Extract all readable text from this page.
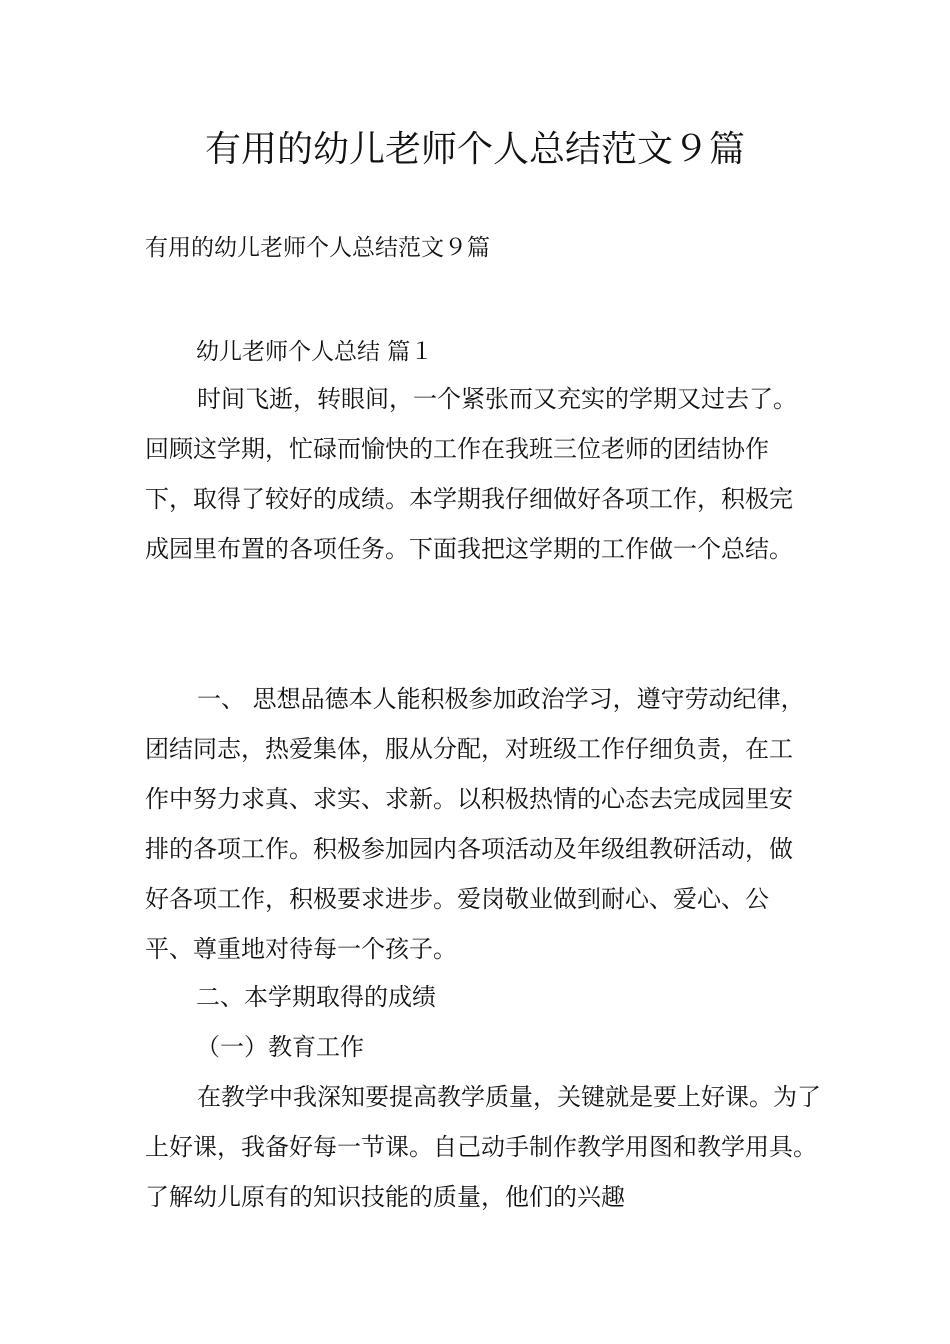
有用的幼儿老师个人总结范文９篇

有用的幼儿老师个人总结范文９篇

幼儿老师个人总结 篇１

时间飞逝，转眼间，一个紧张而又充实的学期又过去了。回顾这学期，忙碌而愉快的工作在我班三位老师的团结协作下，取得了较好的成绩。本学期我仔细做好各项工作，积极完成园里布置的各项任务。下面我把这学期的工作做一个总结。

一、 思想品德本人能积极参加政治学习，遵守劳动纪律，团结同志，热爱集体，服从分配，对班级工作仔细负责，在工作中努力求真、求实、求新。以积极热情的心态去完成园里安排的各项工作。积极参加园内各项活动及年级组教研活动，做好各项工作，积极要求进步。爱岗敬业做到耐心、爱心、公平、尊重地对待每一个孩子。

二、本学期取得的成绩

（一）教育工作

在教学中我深知要提高教学质量，关键就是要上好课。为了上好课，我备好每一节课。自己动手制作教学用图和教学用具。了解幼儿原有的知识技能的质量，他们的兴趣
